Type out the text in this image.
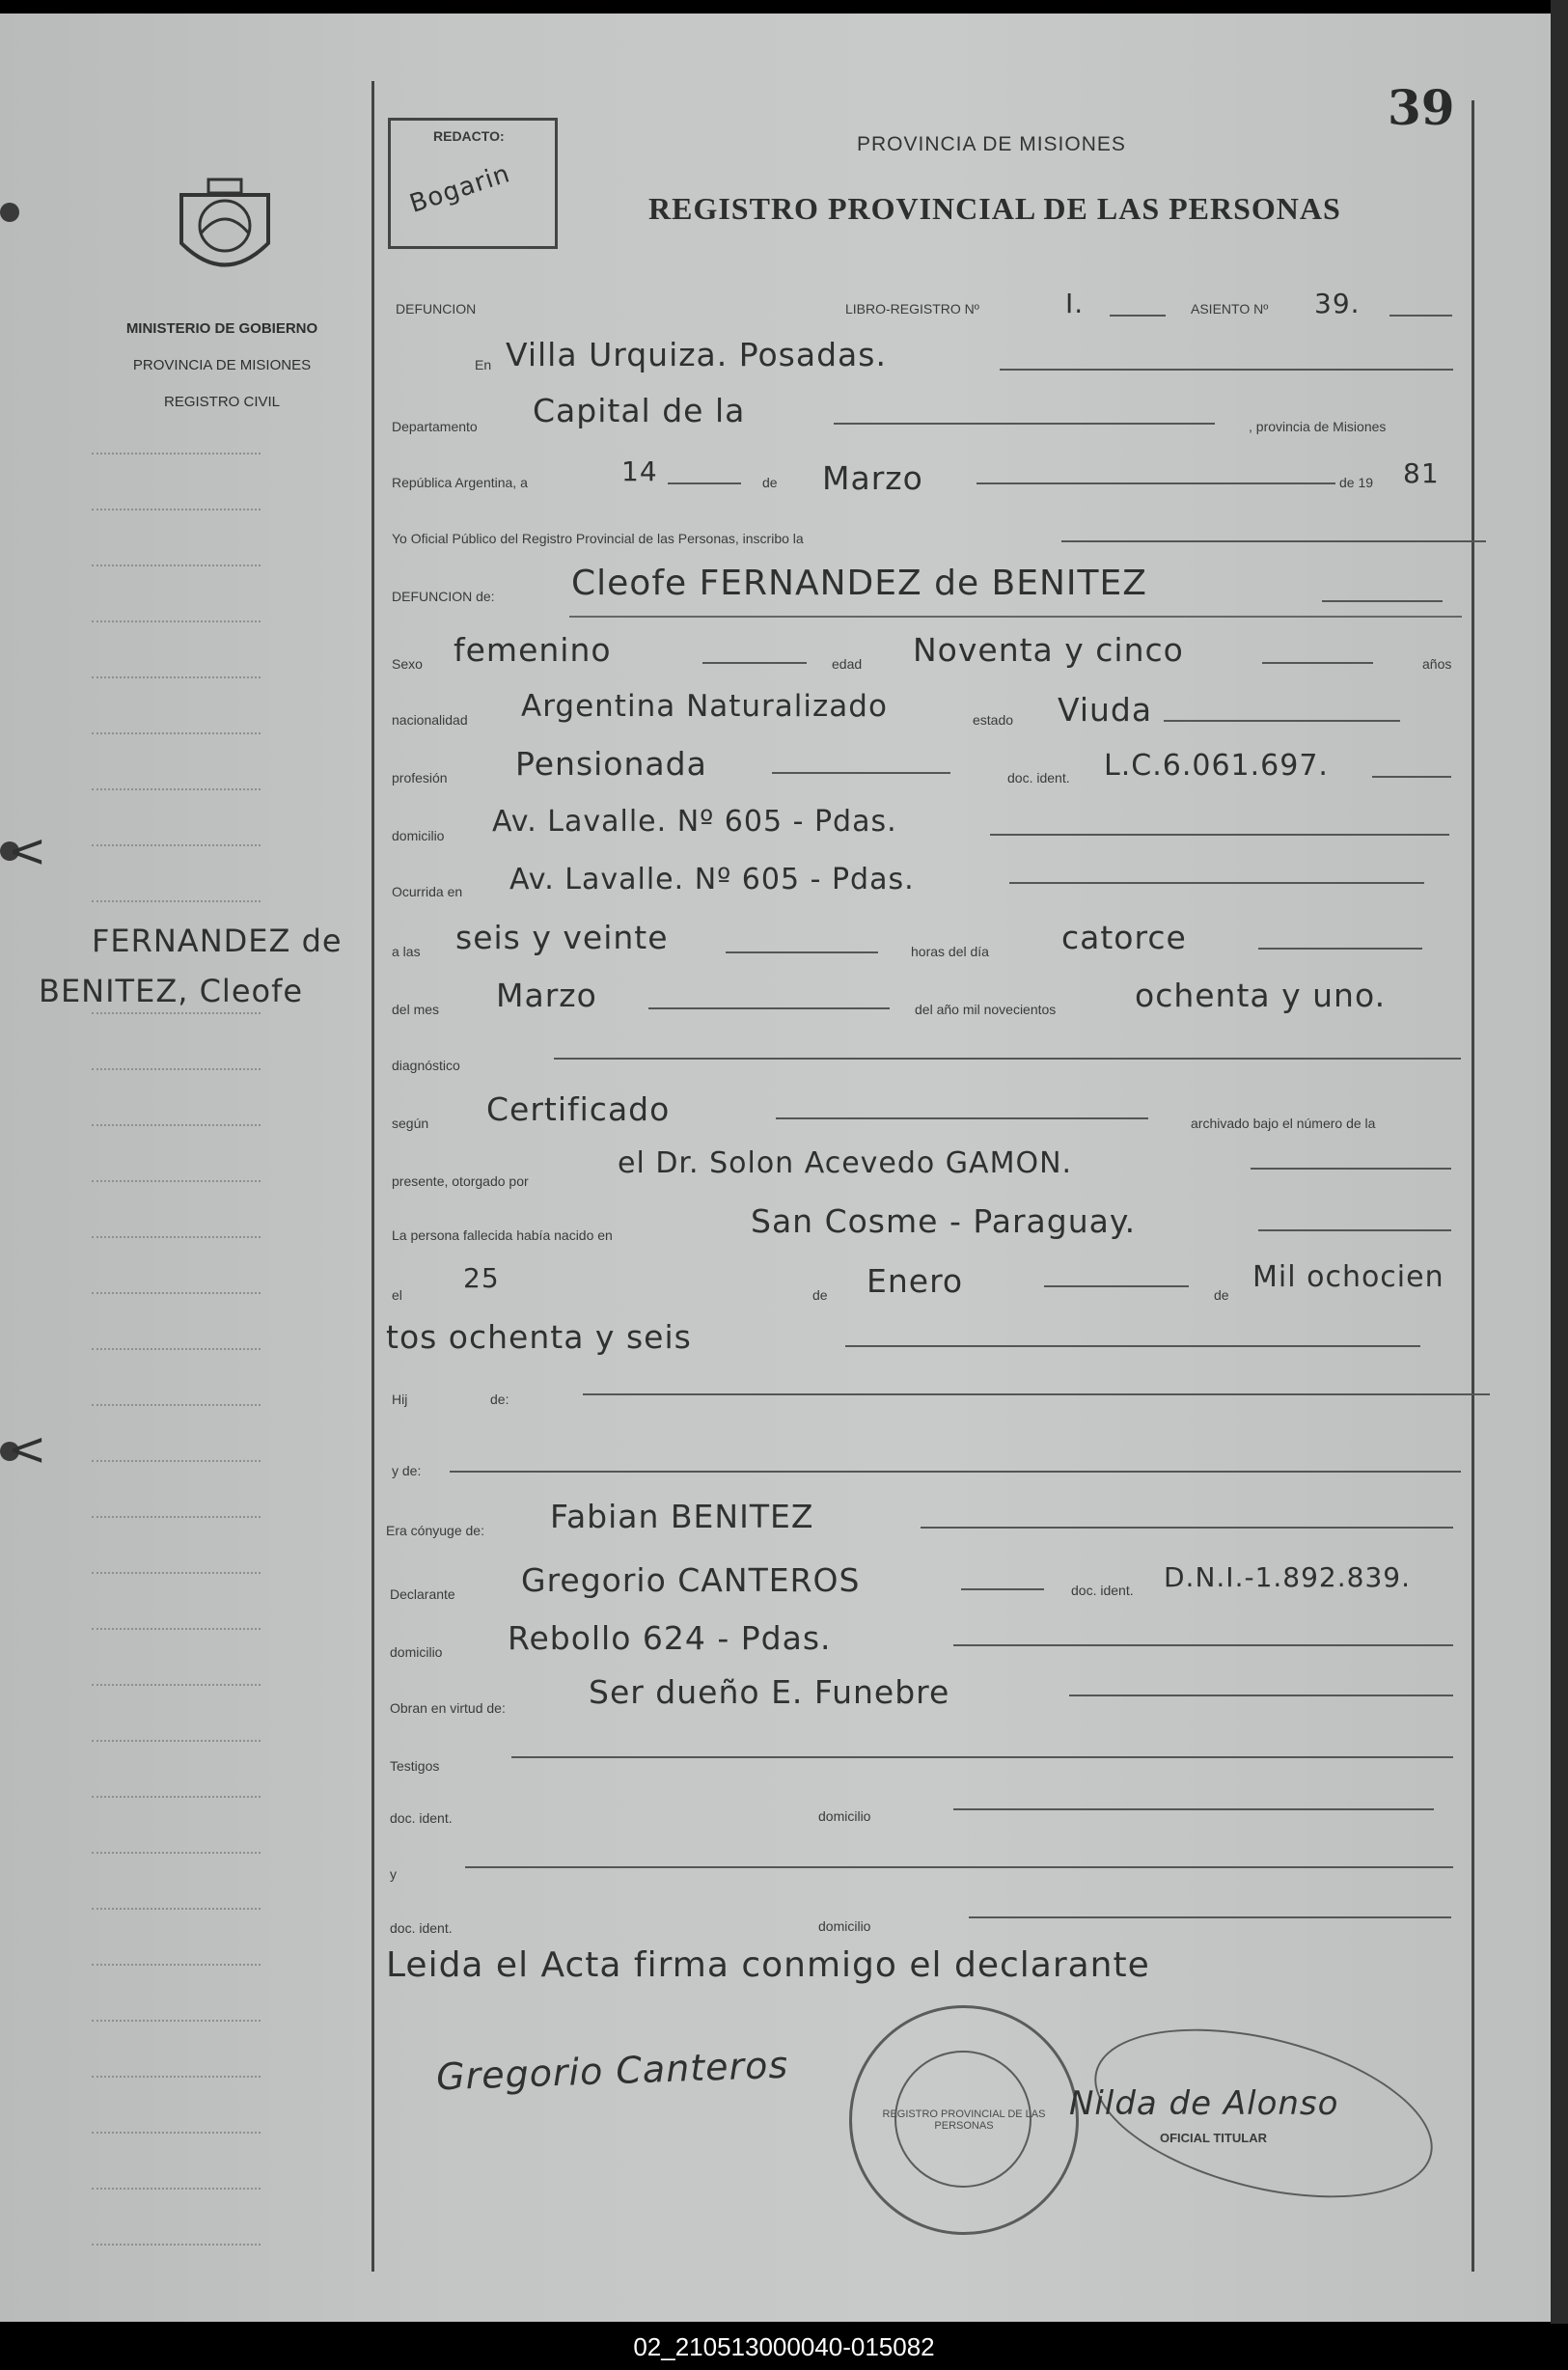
MINISTERIO DE GOBIERNO
PROVINCIA DE MISIONES
REGISTRO CIVIL
FERNANDEZ de
BENITEZ, Cleofe
<
<
REDACTO:
Bogarin
39
PROVINCIA DE MISIONES
REGISTRO PROVINCIAL DE LAS PERSONAS
DEFUNCION	LIBRO-REGISTRO Nº	I.	ASIENTO Nº 39.
En Villa Urquiza. Posadas.
Departamento Capital de la	, provincia de Misiones
República Argentina, a	14	de Marzo	de 19 81
Yo Oficial Público del Registro Provincial de las Personas, inscribo la
DEFUNCION de: Cleofe FERNANDEZ de BENITEZ
Sexo femenino	edad Noventa y cinco	años
nacionalidad Argentina Naturalizado	estado Viuda
profesión Pensionada	doc. ident. L.C.6.061.697.
domicilio Av. Lavalle. Nº 605 - Pdas.
Ocurrida en Av. Lavalle. Nº 605 - Pdas.
a las seis y veinte	horas del día catorce
del mes Marzo	del año mil novecientos ochenta y uno.
diagnóstico
según Certificado	archivado bajo el número de la
presente, otorgado por
el Dr. Solon Acevedo GAMON.
La persona fallecida había nacido en	San Cosme - Paraguay.
el
25
de Enero	de
Mil ochocien
tos ochenta y seis
Hij	de:
y de:
Era cónyuge de: Fabian BENITEZ
Declarante Gregorio CANTEROS	doc. ident. D.N.I.-1.892.839.
domicilio Rebollo 624 - Pdas.
Obran en virtud de:	Ser dueño E. Funebre
Testigos
doc. ident.	domicilio
y
doc. ident.	domicilio
Leida el Acta firma conmigo el declarante
Gregorio Canteros
REGISTRO PROVINCIAL DE LAS PERSONAS
Nilda de Alonso
OFICIAL TITULAR
02_210513000040-015082
